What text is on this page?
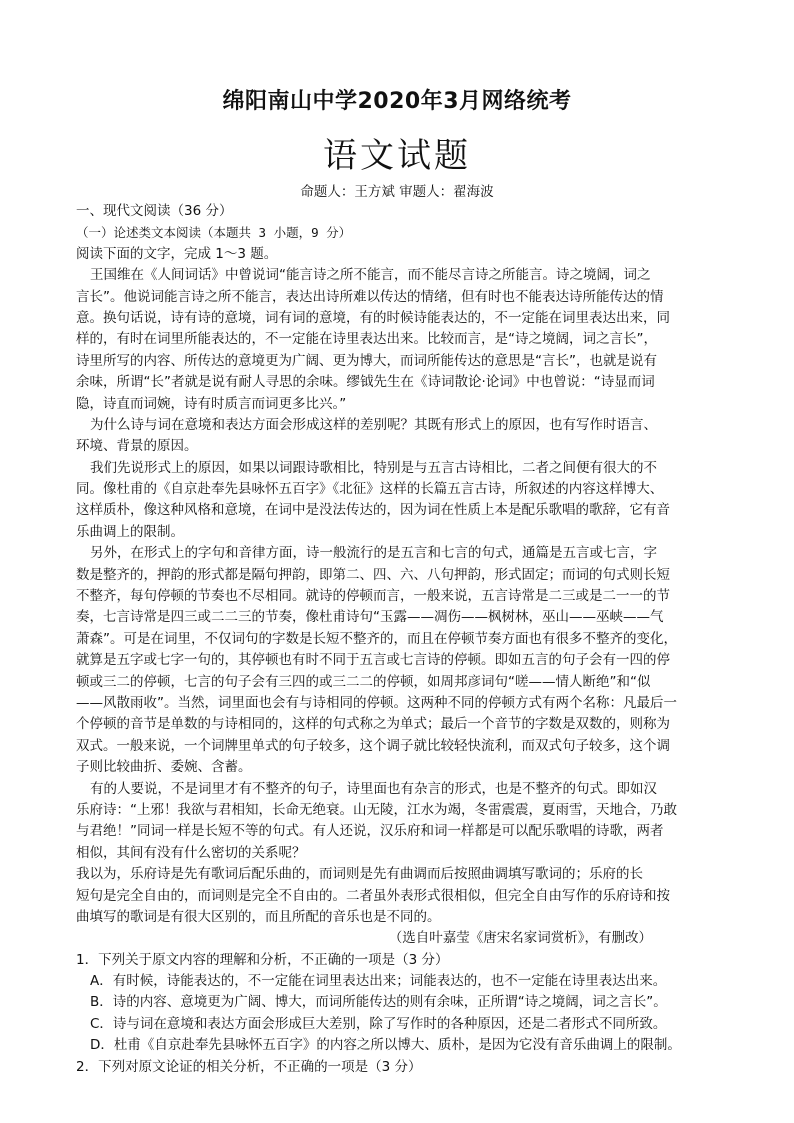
绵阳南山中学2020年3月网络统考
语文试题
命题人：王方斌 审题人：翟海波
一、现代文阅读（36 分）
（一）论述类文本阅读（本题共 3 小题，9 分）
阅读下面的文字，完成 1～3 题。
王国维在《人间词话》中曾说词“能言诗之所不能言，而不能尽言诗之所能言。诗之境阔，词之
言长”。他说词能言诗之所不能言，表达出诗所难以传达的情绪，但有时也不能表达诗所能传达的情
意。换句话说，诗有诗的意境，词有词的意境，有的时候诗能表达的，不一定能在词里表达出来，同
样的，有时在词里所能表达的，不一定能在诗里表达出来。比较而言，是“诗之境阔，词之言长”，
诗里所写的内容、所传达的意境更为广阔、更为博大，而词所能传达的意思是“言长”，也就是说有
余味，所谓“长”者就是说有耐人寻思的余味。缪钺先生在《诗词散论·论词》中也曾说：“诗显而词
隐，诗直而词婉，诗有时质言而词更多比兴。”
为什么诗与词在意境和表达方面会形成这样的差别呢？其既有形式上的原因，也有写作时语言、
环境、背景的原因。
我们先说形式上的原因，如果以词跟诗歌相比，特别是与五言古诗相比，二者之间便有很大的不
同。像杜甫的《自京赴奉先县咏怀五百字》《北征》这样的长篇五言古诗，所叙述的内容这样博大、
这样质朴，像这种风格和意境，在词中是没法传达的，因为词在性质上本是配乐歌唱的歌辞，它有音
乐曲调上的限制。
另外，在形式上的字句和音律方面，诗一般流行的是五言和七言的句式，通篇是五言或七言，字
数是整齐的，押韵的形式都是隔句押韵，即第二、四、六、八句押韵，形式固定；而词的句式则长短
不整齐，每句停顿的节奏也不尽相同。就诗的停顿而言，一般来说，五言诗常是二三或是二一一的节
奏，七言诗常是四三或二二三的节奏，像杜甫诗句“玉露——凋伤——枫树林，巫山——巫峡——气
萧森”。可是在词里，不仅词句的字数是长短不整齐的，而且在停顿节奏方面也有很多不整齐的变化，
就算是五字或七字一句的，其停顿也有时不同于五言或七言诗的停顿。即如五言的句子会有一四的停
顿或三二的停顿，七言的句子会有三四的或三二二的停顿，如周邦彦词句“嗟——情人断绝”和“似
——风散雨收”。当然，词里面也会有与诗相同的停顿。这两种不同的停顿方式有两个名称：凡最后一
个停顿的音节是单数的与诗相同的，这样的句式称之为单式；最后一个音节的字数是双数的，则称为
双式。一般来说，一个词牌里单式的句子较多，这个调子就比较轻快流利，而双式句子较多，这个调
子则比较曲折、委婉、含蓄。
有的人要说，不是词里才有不整齐的句子，诗里面也有杂言的形式，也是不整齐的句式。即如汉
乐府诗：“上邪！我欲与君相知，长命无绝衰。山无陵，江水为竭，冬雷震震，夏雨雪，天地合，乃敢
与君绝！”同词一样是长短不等的句式。有人还说，汉乐府和词一样都是可以配乐歌唱的诗歌，两者
相似，其间有没有什么密切的关系呢？
我以为，乐府诗是先有歌词后配乐曲的，而词则是先有曲调而后按照曲调填写歌词的；乐府的长
短句是完全自由的，而词则是完全不自由的。二者虽外表形式很相似，但完全自由写作的乐府诗和按
曲填写的歌词是有很大区别的，而且所配的音乐也是不同的。
（选自叶嘉莹《唐宋名家词赏析》，有删改）
1．下列关于原文内容的理解和分析，不正确的一项是（3 分）
A．有时候，诗能表达的，不一定能在词里表达出来；词能表达的，也不一定能在诗里表达出来。
B．诗的内容、意境更为广阔、博大，而词所能传达的则有余味，正所谓“诗之境阔，词之言长”。
C．诗与词在意境和表达方面会形成巨大差别，除了写作时的各种原因，还是二者形式不同所致。
D．杜甫《自京赴奉先县咏怀五百字》的内容之所以博大、质朴，是因为它没有音乐曲调上的限制。
2．下列对原文论证的相关分析，不正确的一项是（3 分）
